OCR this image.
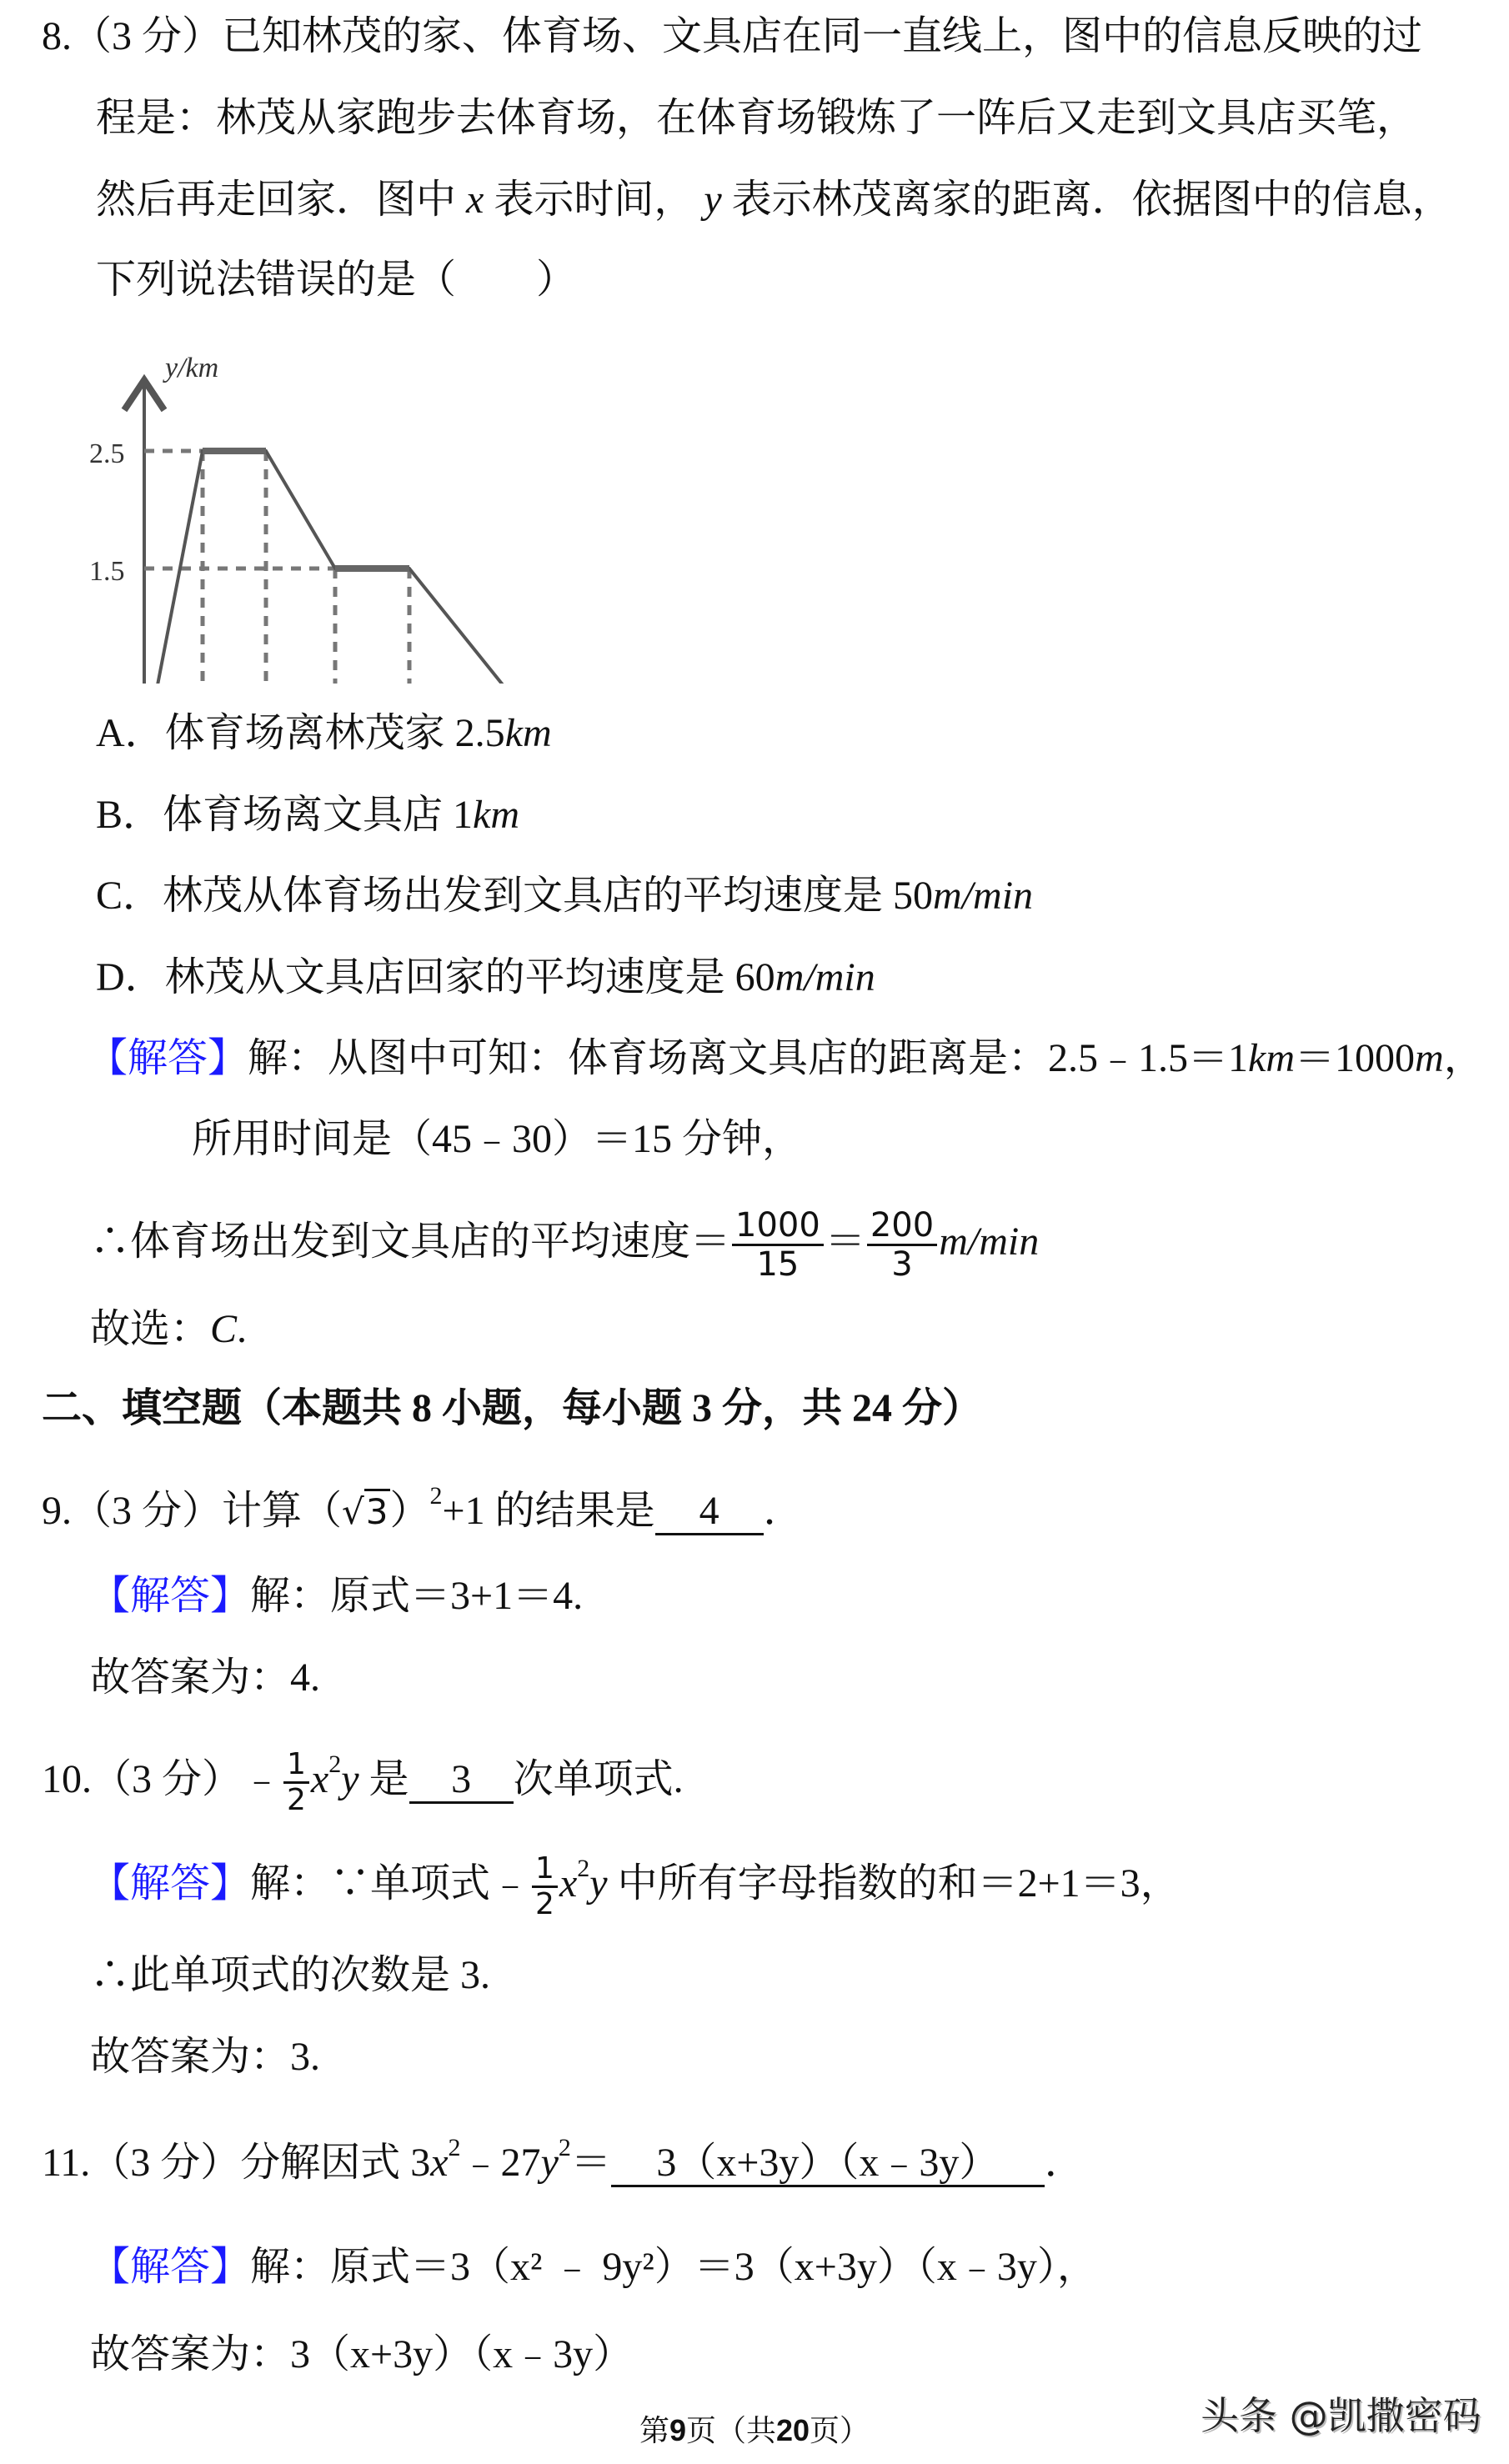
8.（3 分）已知林茂的家、体育场、文具店在同一直线上，图中的信息反映的过
程是：林茂从家跑步去体育场，在体育场锻炼了一阵后又走到文具店买笔，
然后再走回家．图中 x 表示时间， y 表示林茂离家的距离．依据图中的信息，
下列说法错误的是（　　）
y/km
2.5
1.5
A．体育场离林茂家 2.5km
B．体育场离文具店 1km
C．林茂从体育场出发到文具店的平均速度是 50m/min
D．林茂从文具店回家的平均速度是 60m/min
【解答】解：从图中可知：体育场离文具店的距离是：2.5﹣1.5＝1km＝1000m，
所用时间是（45﹣30）＝15 分钟，
∴体育场出发到文具店的平均速度＝ $\frac{1000}{15} = \frac{200}{3} m/\min$
故选：C.
二、填空题（本题共 8 小题，每小题 3 分，共 24 分）
9.（3 分）计算$(√3)^2+1$ 的结果是 4 ．
【解答】解：原式＝3+1＝4.
故答案为：4.
10.（3 分）﹣ $\frac{1}{2} x^2y$ 是 3 次单项式.
【解答】解：∵单项式﹣ $\frac{1}{2} x^2y$ 中所有字母指数的和＝2+1＝3，
∴此单项式的次数是 3.
故答案为：3.
11.（3 分）分解因式 $3x^2﹣27y^2=$ 3（x+3y）（x﹣3y） ．
【解答】解：原式＝3（x² ﹣ 9y²）＝3（x+3y）（x﹣3y），
故答案为：3（x+3y）（x﹣3y）
第9页（共20页）	头条 @凯撒密码
